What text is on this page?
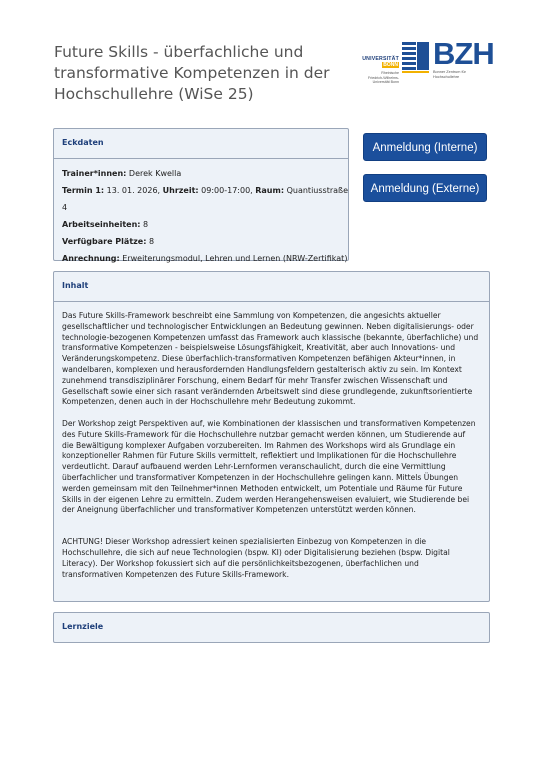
Future Skills - überfachliche und transformative Kompetenzen in der Hochschullehre (WiSe 25)
UNIVERSITÄT
BONN
Rheinische Friedrich-Wilhelms-Universität Bonn
BZH
Bonner Zentrum für Hochschullehre
Eckdaten
Trainer*innen: Derek Kwella
Termin 1: 13. 01. 2026, Uhrzeit: 09:00-17:00, Raum: Quantiusstraße 4
Arbeitseinheiten: 8
Verfügbare Plätze: 8
Anrechnung: Erweiterungsmodul, Lehren und Lernen (NRW-Zertifikat)
Anmeldung (Interne)
Anmeldung (Externe)
Inhalt

Das Future Skills-Framework beschreibt eine Sammlung von Kompetenzen, die angesichts aktueller gesellschaftlicher und technologischer Entwicklungen an Bedeutung gewinnen. Neben digitalisierungs- oder technologie-bezogenen Kompetenzen umfasst das Framework auch klassische (bekannte, überfachliche) und transformative Kompetenzen - beispielsweise Lösungsfähigkeit, Kreativität, aber auch Innovations- und Veränderungskompetenz. Diese überfachlich-transformativen Kompetenzen befähigen Akteur*innen, in wandelbaren, komplexen und herausfordernden Handlungsfeldern gestalterisch aktiv zu sein. Im Kontext zunehmend transdisziplinärer Forschung, einem Bedarf für mehr Transfer zwischen Wissenschaft und Gesellschaft sowie einer sich rasant verändernden Arbeitswelt sind diese grundlegende, zukunftsorientierte Kompetenzen, denen auch in der Hochschullehre mehr Bedeutung zukommt.

Der Workshop zeigt Perspektiven auf, wie Kombinationen der klassischen und transformativen Kompetenzen des Future Skills-Framework für die Hochschullehre nutzbar gemacht werden können, um Studierende auf die Bewältigung komplexer Aufgaben vorzubereiten. Im Rahmen des Workshops wird als Grundlage ein konzeptioneller Rahmen für Future Skills vermittelt, reflektiert und Implikationen für die Hochschullehre verdeutlicht. Darauf aufbauend werden Lehr-Lernformen veranschaulicht, durch die eine Vermittlung überfachlicher und transformativer Kompetenzen in der Hochschullehre gelingen kann. Mittels Übungen werden gemeinsam mit den Teilnehmer*innen Methoden entwickelt, um Potentiale und Räume für Future Skills in der eigenen Lehre zu ermitteln. Zudem werden Herangehensweisen evaluiert, wie Studierende bei der Aneignung überfachlicher und transformativer Kompetenzen unterstützt werden können.

ACHTUNG! Dieser Workshop adressiert keinen spezialisierten Einbezug von Kompetenzen in die Hochschullehre, die sich auf neue Technologien (bspw. KI) oder Digitalisierung beziehen (bspw. Digital Literacy). Der Workshop fokussiert sich auf die persönlichkeitsbezogenen, überfachlichen und transformativen Kompetenzen des Future Skills-Framework.

Lernziele
